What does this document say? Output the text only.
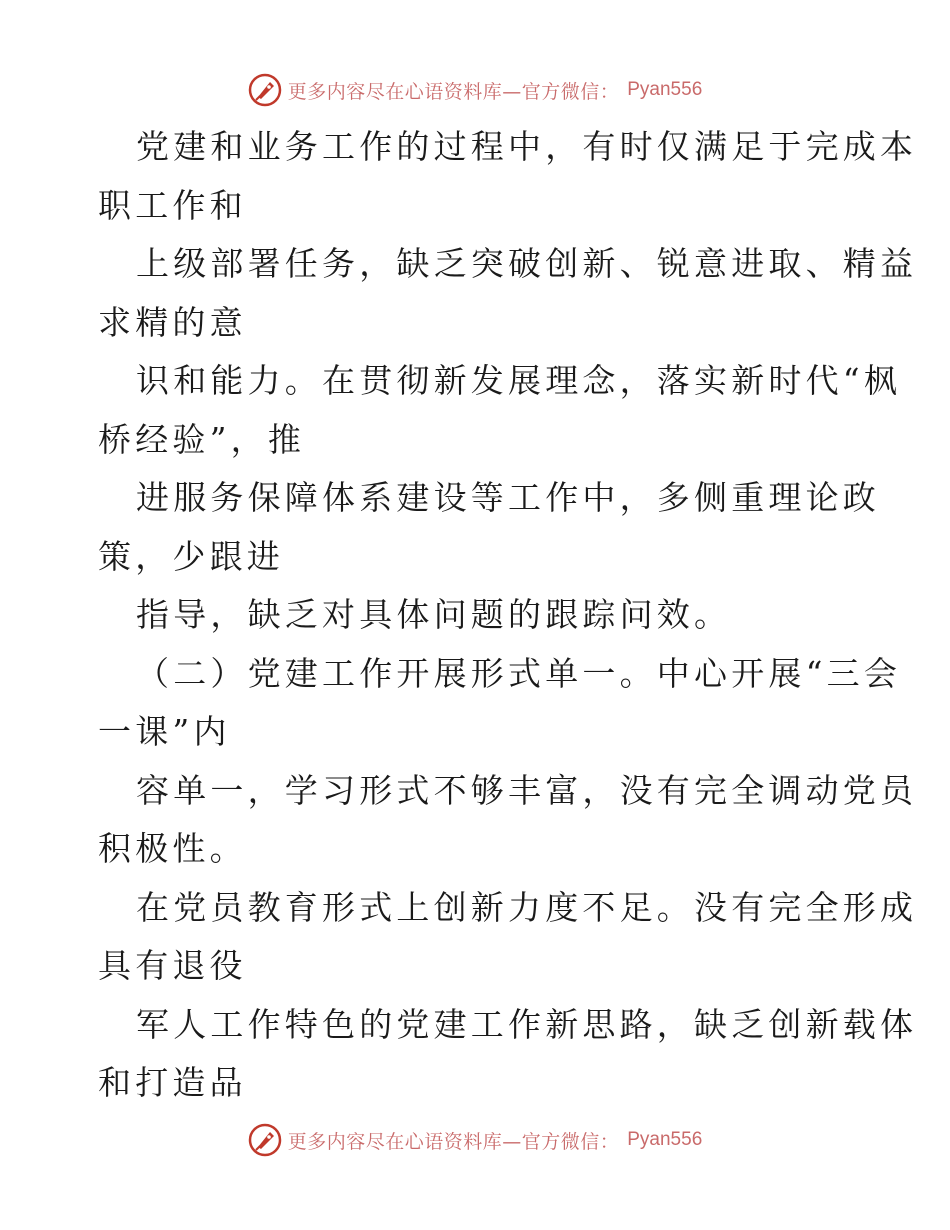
更多内容尽在心语资料库—官方微信： Pyan556
党建和业务工作的过程中，有时仅满足于完成本
职工作和
上级部署任务，缺乏突破创新、锐意进取、精益
求精的意
识和能力。在贯彻新发展理念，落实新时代“枫
桥经验”，推
进服务保障体系建设等工作中，多侧重理论政
策，少跟进
指导，缺乏对具体问题的跟踪问效。
（二）党建工作开展形式单一。中心开展“三会
一课”内
容单一，学习形式不够丰富，没有完全调动党员
积极性。
在党员教育形式上创新力度不足。没有完全形成
具有退役
军人工作特色的党建工作新思路，缺乏创新载体
和打造品
更多内容尽在心语资料库—官方微信： Pyan556
